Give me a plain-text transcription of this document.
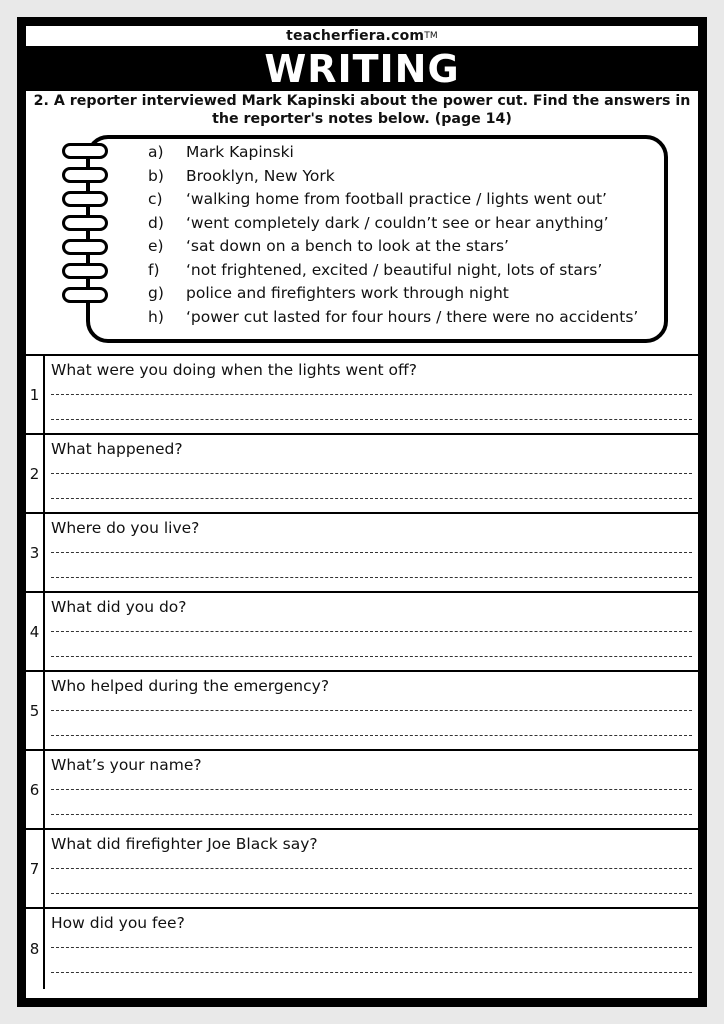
teacherfiera.com TM
WRITING

2. A reporter interviewed Mark Kapinski about the power cut. Find the answers in the reporter's notes below. (page 14)

a)	Mark Kapinski
b)	Brooklyn, New York
c)	‘walking home from football practice / lights went out’
d)	‘went completely dark / couldn’t see or hear anything’
e)	‘sat down on a bench to look at the stars’
f)	‘not frightened, excited / beautiful night, lots of stars’
g)	police and firefighters work through night
h)	‘power cut lasted for four hours / there were no accidents’
1
What were you doing when the lights went off?
2
What happened?
3
Where do you live?
4
What did you do?
5
Who helped during the emergency?
6
What’s your name?
7
What did firefighter Joe Black say?
8
How did you fee?
